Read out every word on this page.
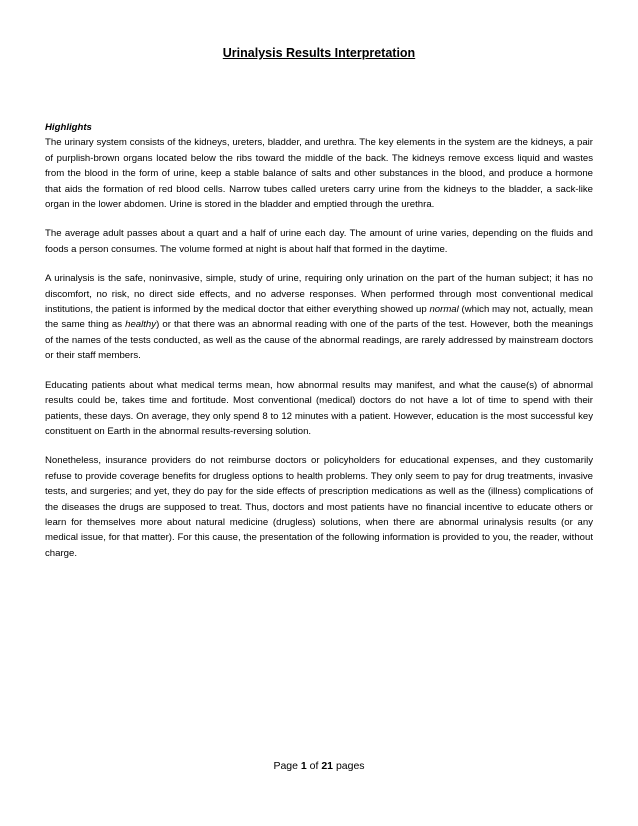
Urinalysis Results Interpretation

Highlights

The urinary system consists of the kidneys, ureters, bladder, and urethra. The key elements in the system are the kidneys, a pair of purplish-brown organs located below the ribs toward the middle of the back. The kidneys remove excess liquid and wastes from the blood in the form of urine, keep a stable balance of salts and other substances in the blood, and produce a hormone that aids the formation of red blood cells. Narrow tubes called ureters carry urine from the kidneys to the bladder, a sack-like organ in the lower abdomen. Urine is stored in the bladder and emptied through the urethra.

The average adult passes about a quart and a half of urine each day. The amount of urine varies, depending on the fluids and foods a person consumes. The volume formed at night is about half that formed in the daytime.

A urinalysis is the safe, noninvasive, simple, study of urine, requiring only urination on the part of the human subject; it has no discomfort, no risk, no direct side effects, and no adverse responses. When performed through most conventional medical institutions, the patient is informed by the medical doctor that either everything showed up normal (which may not, actually, mean the same thing as healthy) or that there was an abnormal reading with one of the parts of the test. However, both the meanings of the names of the tests conducted, as well as the cause of the abnormal readings, are rarely addressed by mainstream doctors or their staff members.

Educating patients about what medical terms mean, how abnormal results may manifest, and what the cause(s) of abnormal results could be, takes time and fortitude. Most conventional (medical) doctors do not have a lot of time to spend with their patients, these days. On average, they only spend 8 to 12 minutes with a patient. However, education is the most successful key constituent on Earth in the abnormal results-reversing solution.

Nonetheless, insurance providers do not reimburse doctors or policyholders for educational expenses, and they customarily refuse to provide coverage benefits for drugless options to health problems. They only seem to pay for drug treatments, invasive tests, and surgeries; and yet, they do pay for the side effects of prescription medications as well as the (illness) complications of the diseases the drugs are supposed to treat. Thus, doctors and most patients have no financial incentive to educate others or learn for themselves more about natural medicine (drugless) solutions, when there are abnormal urinalysis results (or any medical issue, for that matter). For this cause, the presentation of the following information is provided to you, the reader, without charge.

Page 1 of 21 pages
